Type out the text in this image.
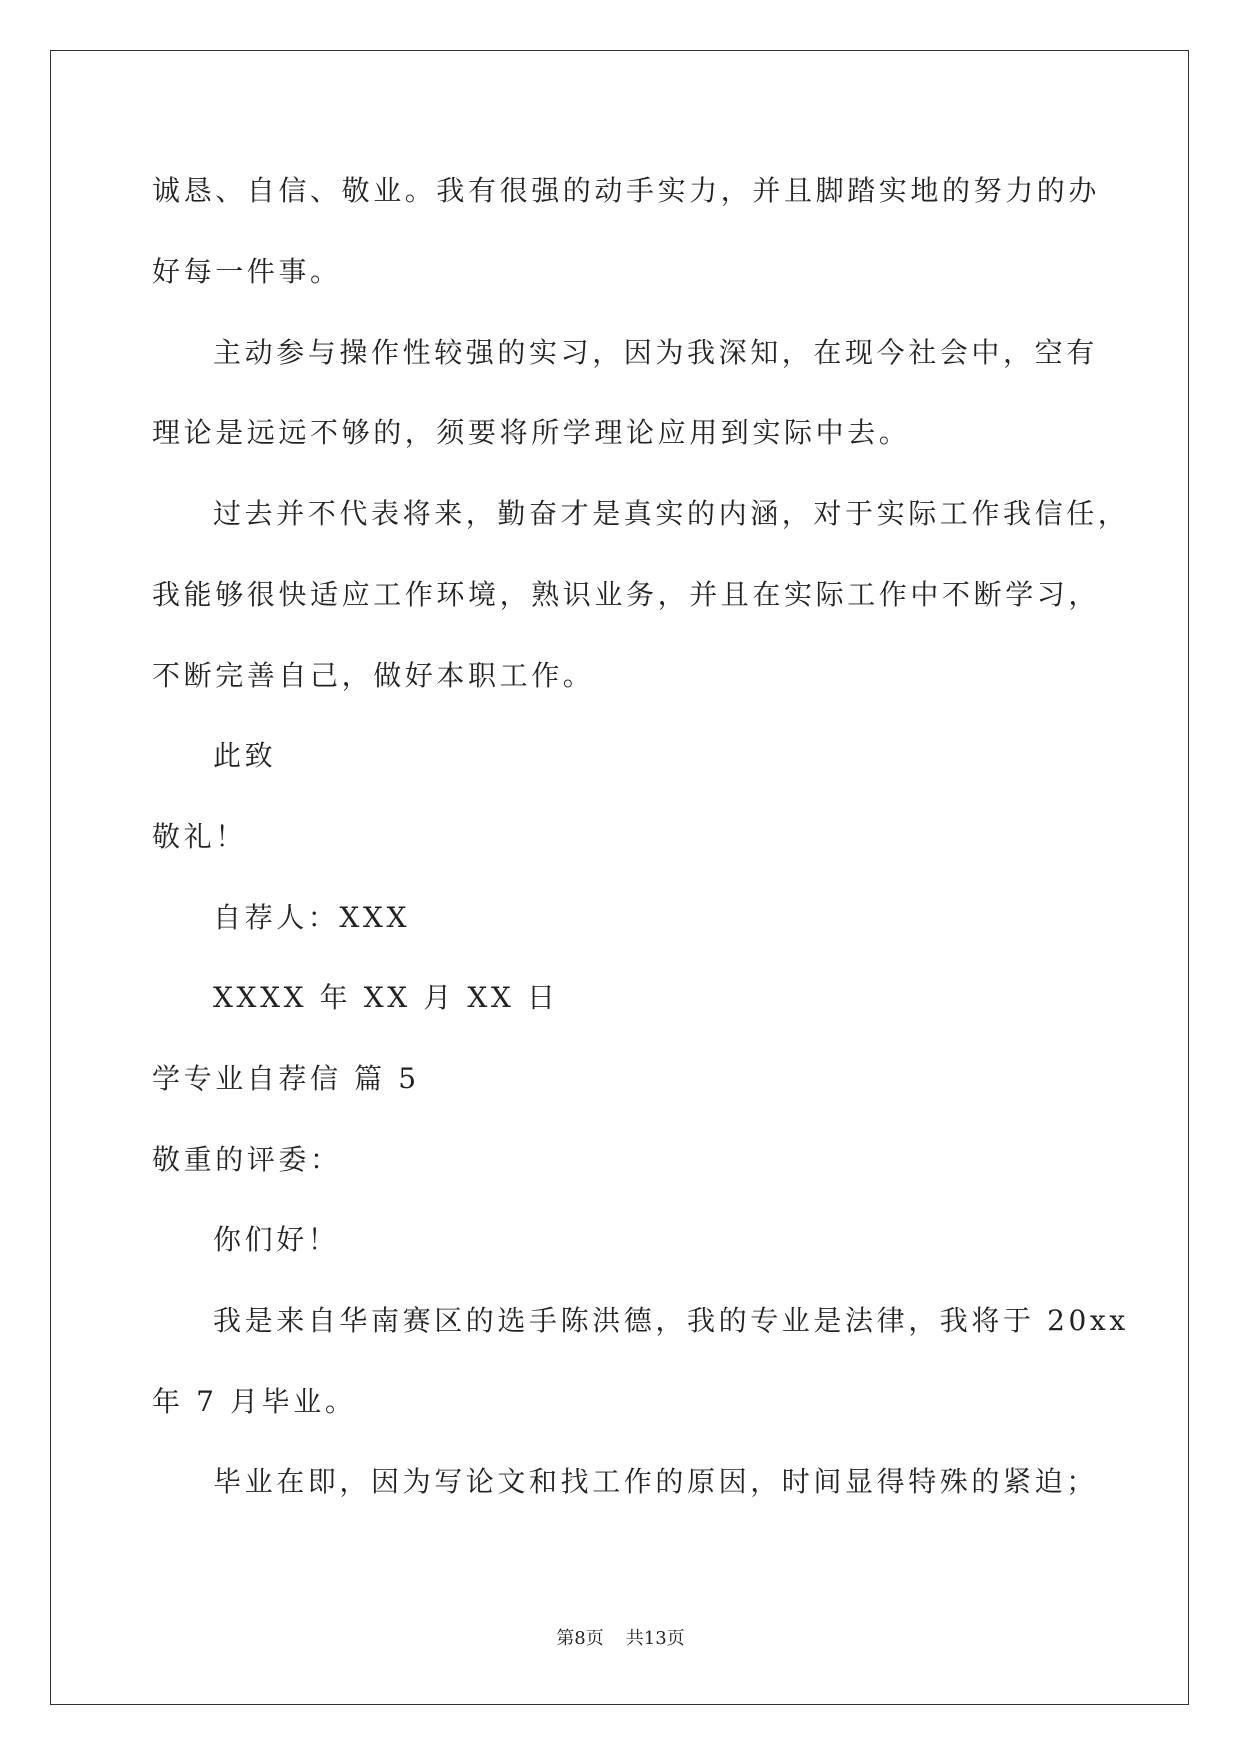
诚恳、自信、敬业。我有很强的动手实力，并且脚踏实地的努力的办
好每一件事。
主动参与操作性较强的实习，因为我深知，在现今社会中，空有
理论是远远不够的，须要将所学理论应用到实际中去。
过去并不代表将来，勤奋才是真实的内涵，对于实际工作我信任，
我能够很快适应工作环境，熟识业务，并且在实际工作中不断学习，
不断完善自己，做好本职工作。
此致
敬礼！
自荐人：XXX
XXXX 年 XX 月 XX 日
学专业自荐信 篇 5
敬重的评委：
你们好！
我是来自华南赛区的选手陈洪德，我的专业是法律，我将于 20xx
年 7 月毕业。
毕业在即，因为写论文和找工作的原因，时间显得特殊的紧迫；
第8页 共13页
